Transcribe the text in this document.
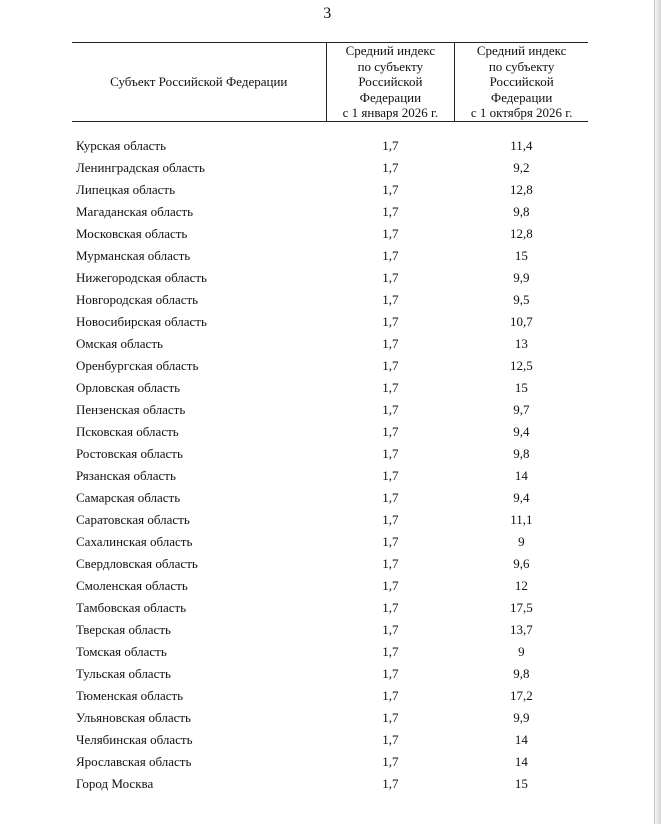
3
Субъект Российской Федерации	Средний индекс
по субъекту
Российской
Федерации
с 1 января 2026 г.	Средний индекс
по субъекту
Российской
Федерации
с 1 октября 2026 г.

Курская область	1,7	11,4
Ленинградская область	1,7	9,2
Липецкая область	1,7	12,8
Магаданская область	1,7	9,8
Московская область	1,7	12,8
Мурманская область	1,7	15
Нижегородская область	1,7	9,9
Новгородская область	1,7	9,5
Новосибирская область	1,7	10,7
Омская область	1,7	13
Оренбургская область	1,7	12,5
Орловская область	1,7	15
Пензенская область	1,7	9,7
Псковская область	1,7	9,4
Ростовская область	1,7	9,8
Рязанская область	1,7	14
Самарская область	1,7	9,4
Саратовская область	1,7	11,1
Сахалинская область	1,7	9
Свердловская область	1,7	9,6
Смоленская область	1,7	12
Тамбовская область	1,7	17,5
Тверская область	1,7	13,7
Томская область	1,7	9
Тульская область	1,7	9,8
Тюменская область	1,7	17,2
Ульяновская область	1,7	9,9
Челябинская область	1,7	14
Ярославская область	1,7	14
Город Москва	1,7	15
